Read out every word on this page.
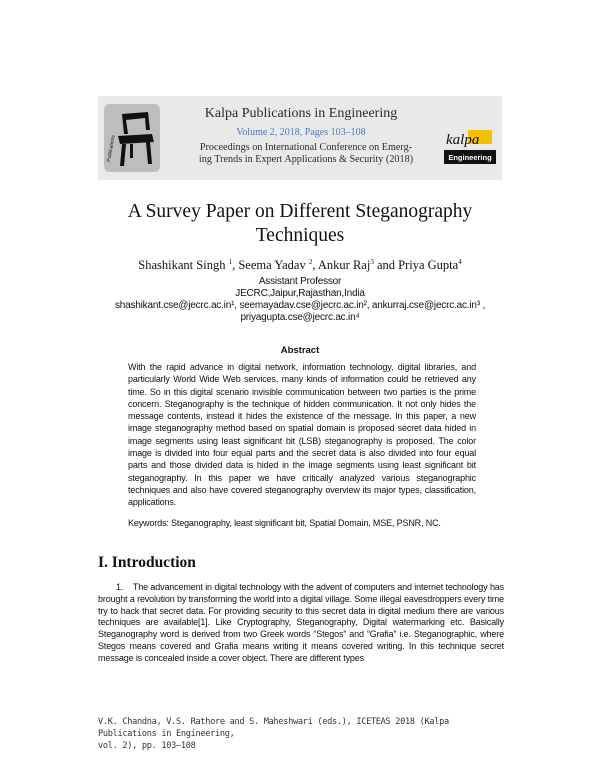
Publications	kalpa
Engineering
Kalpa Publications in Engineering
Volume 2, 2018, Pages 103–108
Proceedings on International Conference on Emerg-
ing Trends in Expert Applications & Security (2018)
A Survey Paper on Different Steganography
Techniques
Shashikant Singh $^1$, Seema Yadav $^2$, Ankur Raj$^3$ and Priya Gupta$^4$
Assistant Professor
JECRC,Jaipur,Rajasthan,India
shashikant.cse@jecrc.ac.in¹, seemayadav.cse@jecrc.ac.in², ankurraj.cse@jecrc.ac.in³ ,
priyagupta.cse@jecrc.ac.in⁴
Abstract
With the rapid advance in digital network, information technology, digital libraries, and particularly World Wide Web services, many kinds of information could be retrieved any time. So in this digital scenario invisible communication between two parties is the prime concern. Steganography is the technique of hidden communication. It not only hides the message contents, instead it hides the existence of the message. In this paper, a new image steganography method based on spatial domain is proposed secret data hided in image segments using least significant bit (LSB) steganography is proposed. The color image is divided into four equal parts and the secret data is also divided into four equal parts and those divided data is hided in the image segments using least significant bit steganography. In this paper we have critically analyzed various steganographic techniques and also have covered steganography overview its major types, classification, applications.
Keywords: Steganography, least significant bit, Spatial Domain, MSE, PSNR, NC.
I. Introduction
1.    The advancement in digital technology with the advent of computers and internet technology has brought a revolution by transforming the world into a digital village. Some illegal eavesdroppers every time try to hack that secret data. For providing security to this secret data in digital medium there are various techniques are available[1]. Like Cryptography, Steganography, Digital watermarking etc. Basically Steganography word is derived from two Greek words “Stegos” and “Grafia” i.e. Steganographic, where Stegos means covered and Grafia means writing it means covered writing. In this technique secret message is concealed inside a cover object. There are different types
V.K. Chandna, V.S. Rathore and S. Maheshwari (eds.), ICETEAS 2018 (Kalpa Publications in Engineering,
vol. 2), pp. 103–108
